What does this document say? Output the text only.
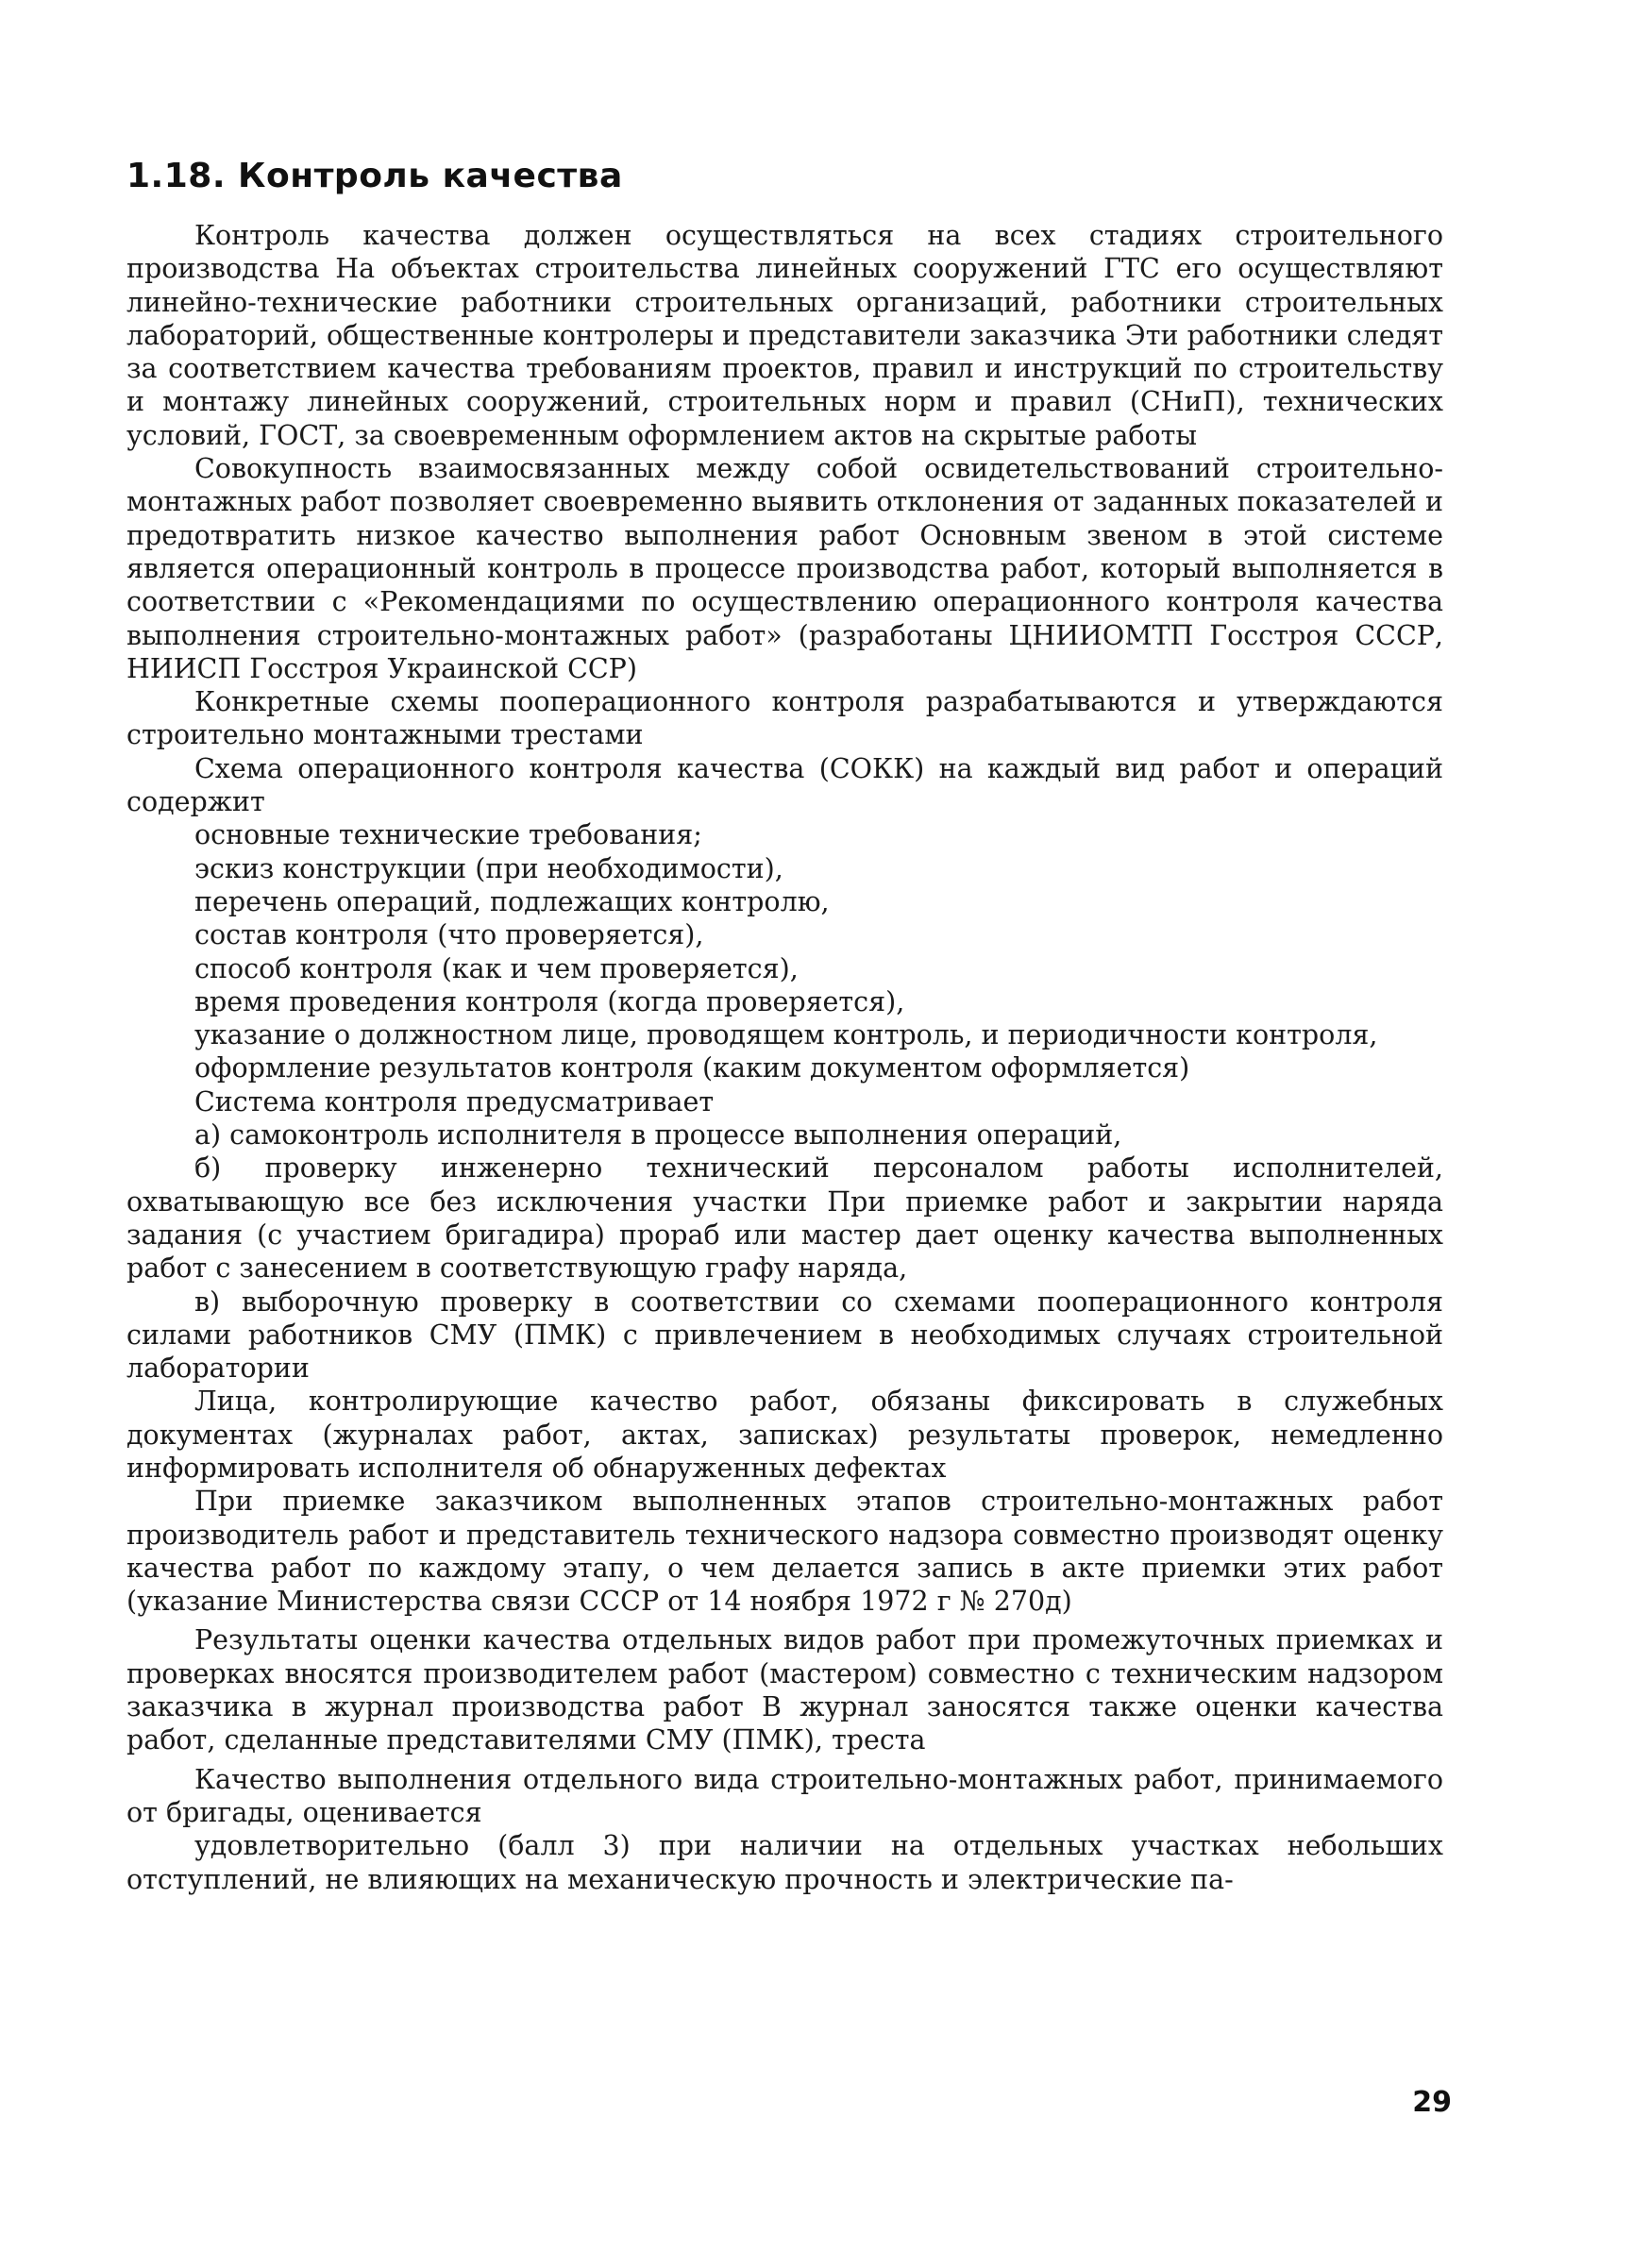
1.18. Контроль качества

Контроль качества должен осуществляться на всех стадиях строительного производства На объектах строительства линейных сооружений ГТС его осуществляют линейно-технические работники строительных организаций, работники строительных лабораторий, общественные контролеры и представители заказчика Эти работники следят за соответствием качества требованиям проектов, правил и инструкций по строительству и монтажу линейных сооружений, строительных норм и правил (СНиП), технических условий, ГОСТ, за своевременным оформлением актов на скрытые работы

Совокупность взаимосвязанных между собой освидетельствований строительно-монтажных работ позволяет своевременно выявить отклонения от заданных показателей и предотвратить низкое качество выполнения работ Основным звеном в этой системе является операционный контроль в процессе производства работ, который выполняется в соответствии с «Рекомендациями по осуществлению операционного контроля качества выполнения строительно-монтажных работ» (разработаны ЦНИИОМТП Госстроя СССР, НИИСП Госстроя Украинской ССР)

Конкретные схемы пооперационного контроля разрабатываются и утверждаются строительно монтажными трестами

Схема операционного контроля качества (СОКК) на каждый вид работ и операций содержит

основные технические требования;

эскиз конструкции (при необходимости),

перечень операций, подлежащих контролю,

состав контроля (что проверяется),

способ контроля (как и чем проверяется),

время проведения контроля (когда проверяется),

указание о должностном лице, проводящем контроль, и периодичности контроля,

оформление результатов контроля (каким документом оформляется)

Система контроля предусматривает

а) самоконтроль исполнителя в процессе выполнения операций,

б) проверку инженерно технический персоналом работы исполнителей, охватывающую все без исключения участки При приемке работ и закрытии наряда задания (с участием бригадира) прораб или мастер дает оценку качества выполненных работ с занесением в соответствующую графу наряда,

в) выборочную проверку в соответствии со схемами пооперационного контроля силами работников СМУ (ПМК) с привлечением в необходимых случаях строительной лаборатории

Лица, контролирующие качество работ, обязаны фиксировать в служебных документах (журналах работ, актах, записках) результаты проверок, немедленно информировать исполнителя об обнаруженных дефектах

При приемке заказчиком выполненных этапов строительно-монтажных работ производитель работ и представитель технического надзора совместно производят оценку качества работ по каждому этапу, о чем делается запись в акте приемки этих работ (указание Министерства связи СССР от 14 ноября 1972 г № 270д)

Результаты оценки качества отдельных видов работ при промежуточных приемках и проверках вносятся производителем работ (мастером) совместно с техническим надзором заказчика в журнал производства работ В журнал заносятся также оценки качества работ, сделанные представителями СМУ (ПМК), треста

Качество выполнения отдельного вида строительно-монтажных работ, принимаемого от бригады, оценивается

удовлетворительно (балл 3) при наличии на отдельных участках небольших отступлений, не влияющих на механическую прочность и электрические па-

29
